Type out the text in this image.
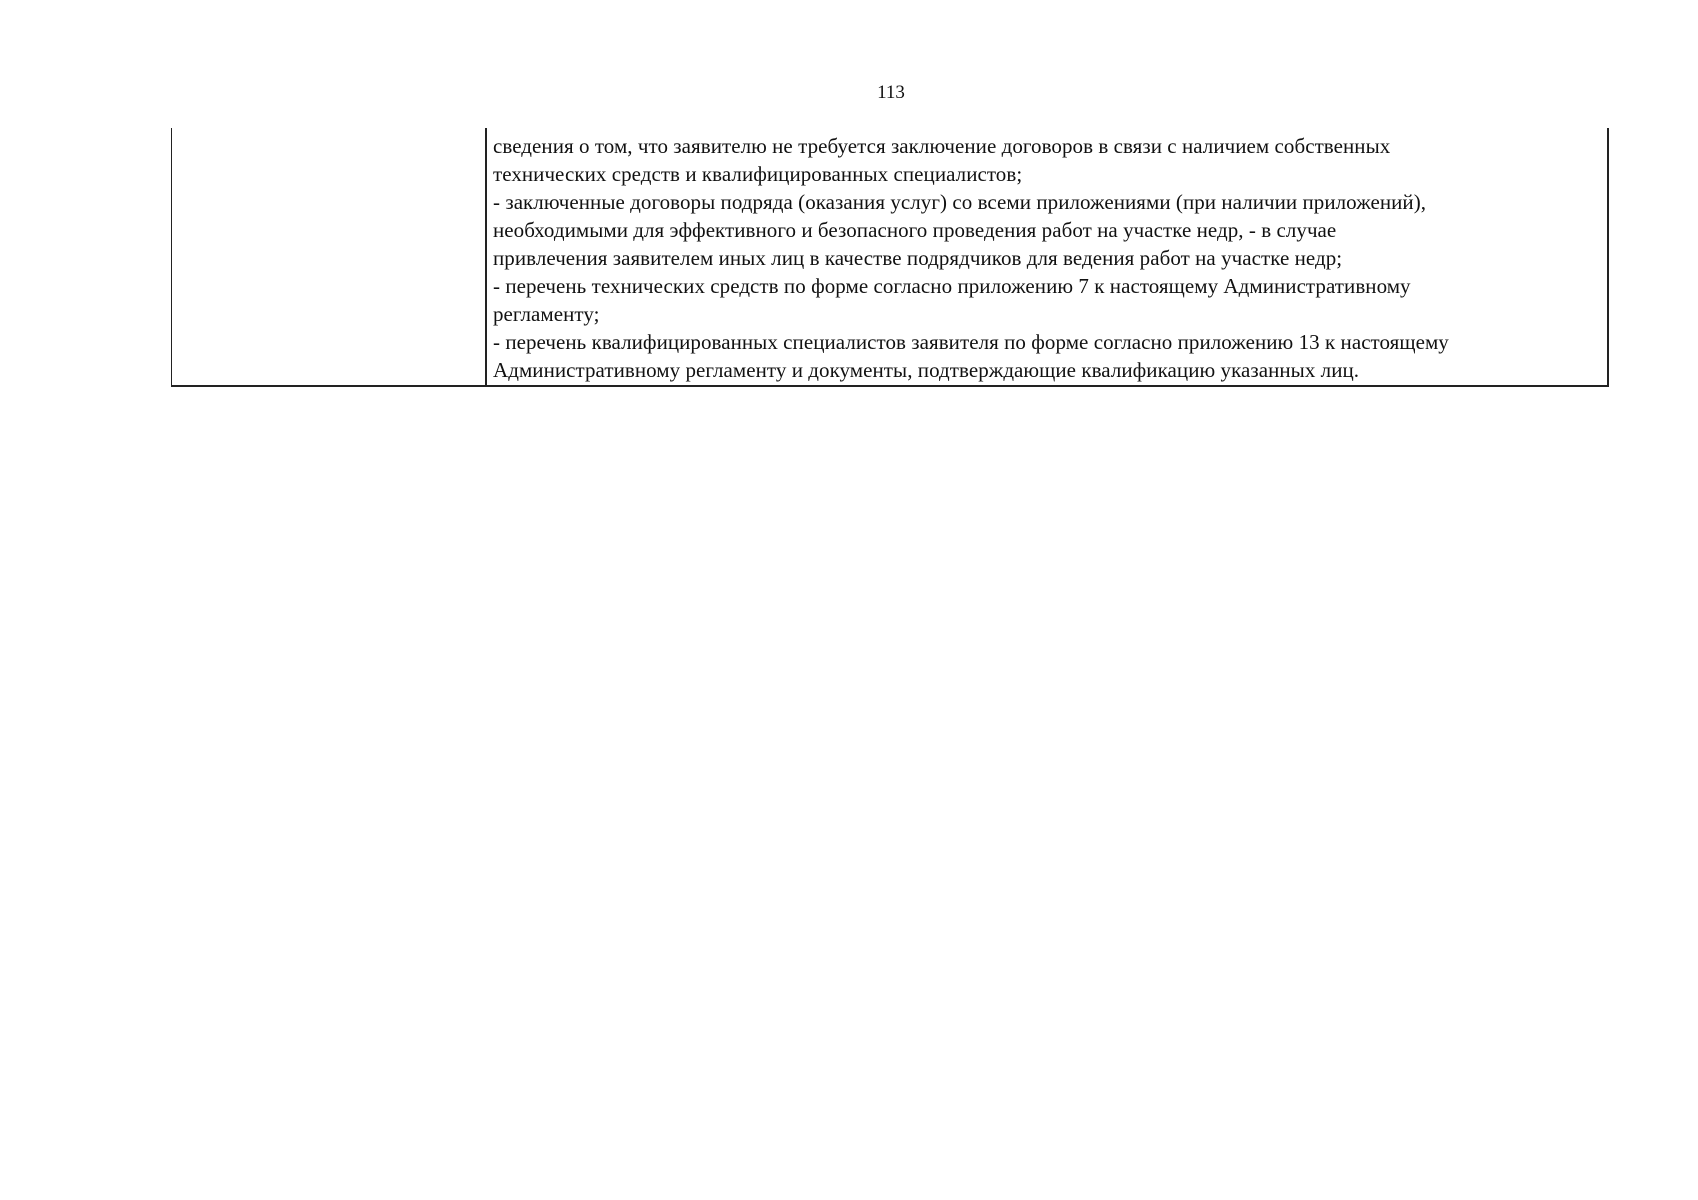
113

сведения о том, что заявителю не требуется заключение договоров в связи с наличием собственных
технических средств и квалифицированных специалистов;
- заключенные договоры подряда (оказания услуг) со всеми приложениями (при наличии приложений),
необходимыми для эффективного и безопасного проведения работ на участке недр, - в случае
привлечения заявителем иных лиц в качестве подрядчиков для ведения работ на участке недр;
- перечень технических средств по форме согласно приложению 7 к настоящему Административному
регламенту;
- перечень квалифицированных специалистов заявителя по форме согласно приложению 13 к настоящему
Административному регламенту и документы, подтверждающие квалификацию указанных лиц.
